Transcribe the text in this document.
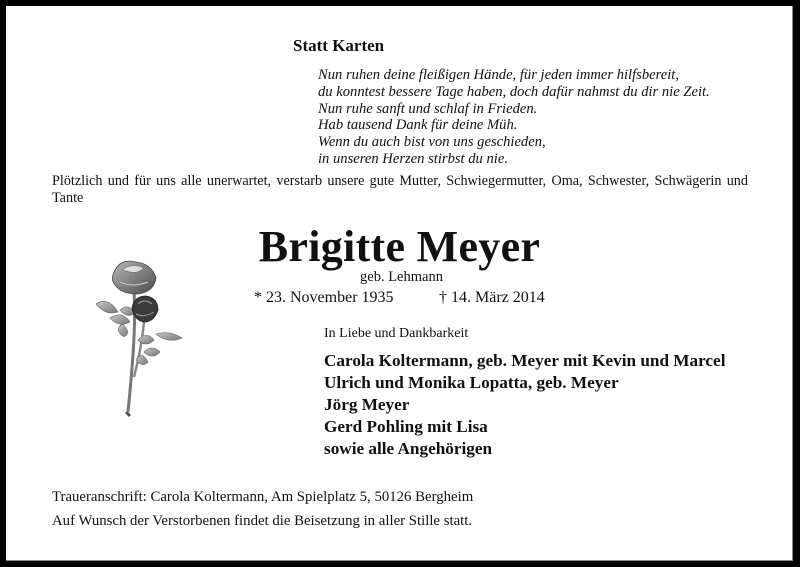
Statt Karten
Nun ruhen deine fleißigen Hände, für jeden immer hilfsbereit,
du konntest bessere Tage haben, doch dafür nahmst du dir nie Zeit.
Nun ruhe sanft und schlaf in Frieden.
Hab tausend Dank für deine Müh.
Wenn du auch bist von uns geschieden,
in unseren Herzen stirbst du nie.
Plötzlich und für uns alle unerwartet, verstarb unsere gute Mutter, Schwiegermutter, Oma, Schwester, Schwägerin und Tante
Brigitte Meyer
geb. Lehmann
* 23. November 1935	† 14. März 2014
In Liebe und Dankbarkeit
Carola Koltermann, geb. Meyer mit Kevin und Marcel
Ulrich und Monika Lopatta, geb. Meyer
Jörg Meyer
Gerd Pohling mit Lisa
sowie alle Angehörigen
Traueranschrift: Carola Koltermann, Am Spielplatz 5, 50126 Bergheim
Auf Wunsch der Verstorbenen findet die Beisetzung in aller Stille statt.
